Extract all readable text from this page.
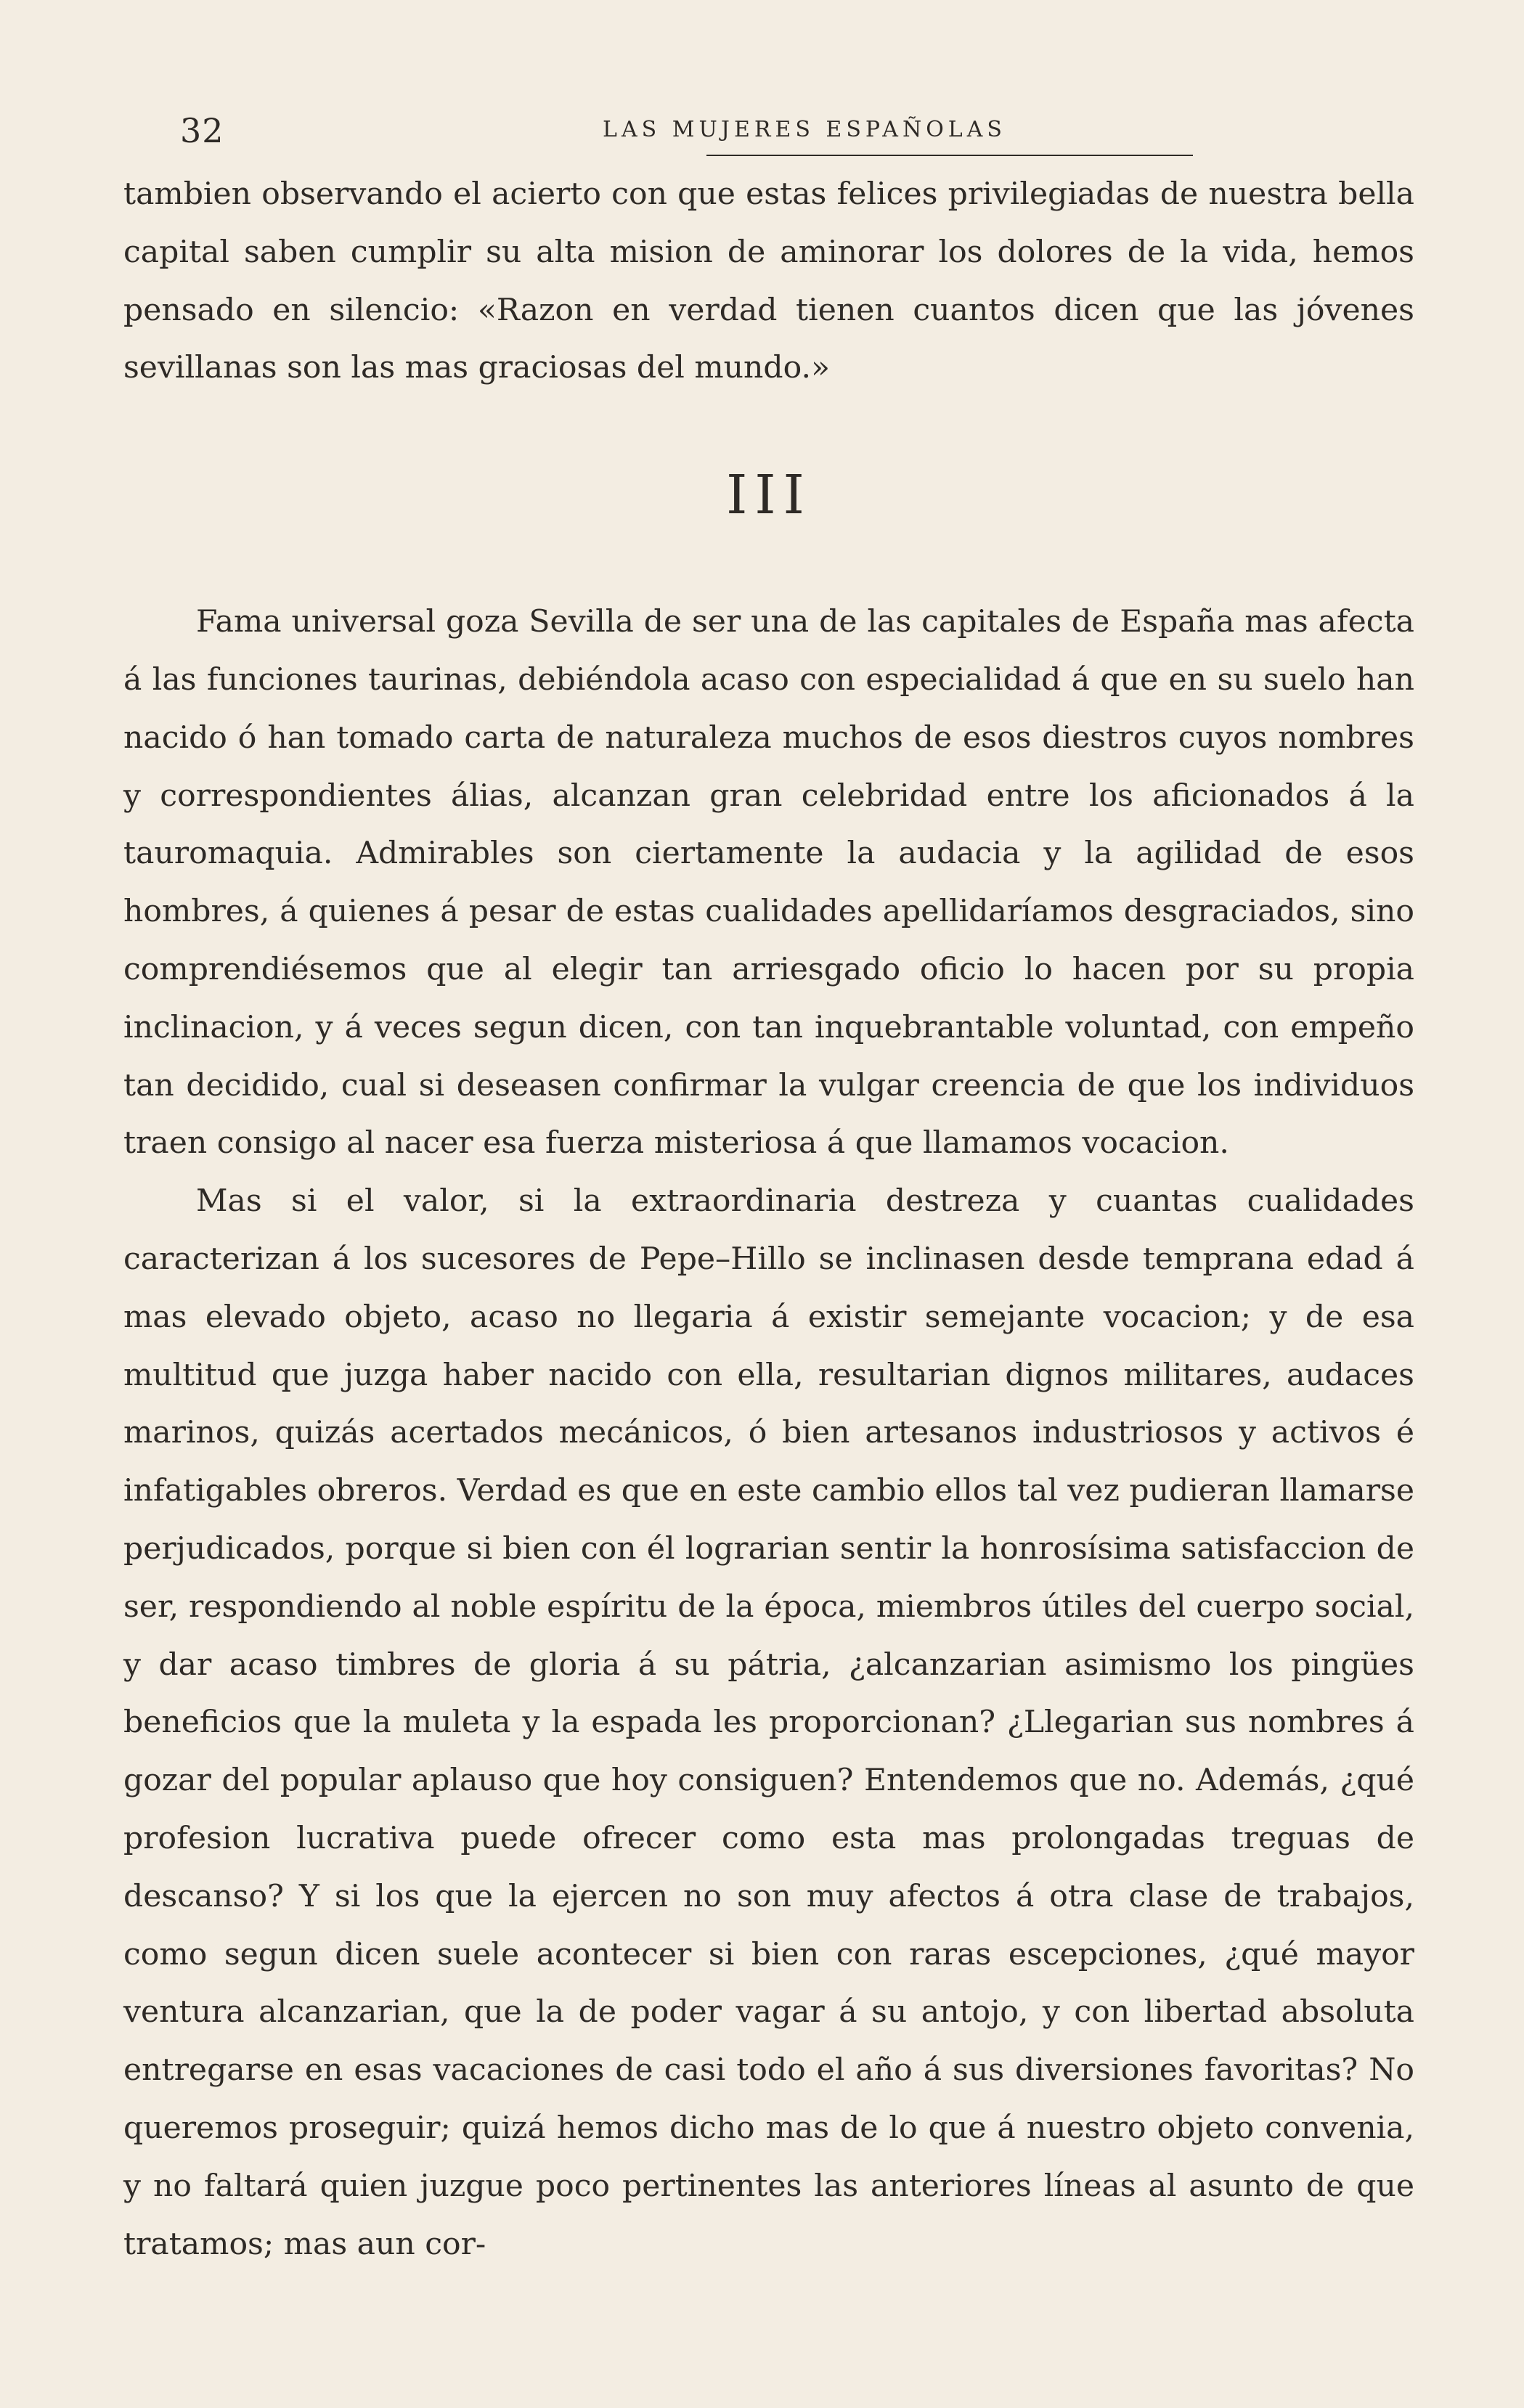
32	LAS MUJERES ESPAÑOLAS

tambien observando el acierto con que estas felices privilegiadas de nuestra bella capital saben cumplir su alta mision de aminorar los dolores de la vida, hemos pensado en silencio: «Razon en verdad tienen cuantos dicen que las jóvenes sevillanas son las mas graciosas del mundo.»

III

Fama universal goza Sevilla de ser una de las capitales de España mas afecta á las funciones taurinas, debiéndola acaso con especialidad á que en su suelo han nacido ó han tomado carta de naturaleza muchos de esos diestros cuyos nombres y correspondientes álias, alcanzan gran celebridad entre los aficionados á la tauromaquia. Admirables son ciertamente la audacia y la agilidad de esos hombres, á quienes á pesar de estas cualidades apellidaríamos desgraciados, sino comprendiésemos que al elegir tan arriesgado oficio lo hacen por su propia inclinacion, y á veces segun dicen, con tan inquebrantable voluntad, con empeño tan decidido, cual si deseasen confirmar la vulgar creencia de que los individuos traen consigo al nacer esa fuerza misteriosa á que llamamos vocacion.

Mas si el valor, si la extraordinaria destreza y cuantas cualidades caracterizan á los sucesores de Pepe–Hillo se inclinasen desde temprana edad á mas elevado objeto, acaso no llegaria á existir semejante vocacion; y de esa multitud que juzga haber nacido con ella, resultarian dignos militares, audaces marinos, quizás acertados mecánicos, ó bien artesanos industriosos y activos é infatigables obreros. Verdad es que en este cambio ellos tal vez pudieran llamarse perjudicados, porque si bien con él lograrian sentir la honrosísima satisfaccion de ser, respondiendo al noble espíritu de la época, miembros útiles del cuerpo social, y dar acaso timbres de gloria á su pátria, ¿alcanzarian asimismo los pingües beneficios que la muleta y la espada les proporcionan? ¿Llegarian sus nombres á gozar del popular aplauso que hoy consiguen? Entendemos que no. Además, ¿qué profesion lucrativa puede ofrecer como esta mas prolongadas treguas de descanso? Y si los que la ejercen no son muy afectos á otra clase de trabajos, como segun dicen suele acontecer si bien con raras escepciones, ¿qué mayor ventura alcanzarian, que la de poder vagar á su antojo, y con libertad absoluta entregarse en esas vacaciones de casi todo el año á sus diversiones favoritas? No queremos proseguir; quizá hemos dicho mas de lo que á nuestro objeto convenia, y no faltará quien juzgue poco pertinentes las anteriores líneas al asunto de que tratamos; mas aun cor-
